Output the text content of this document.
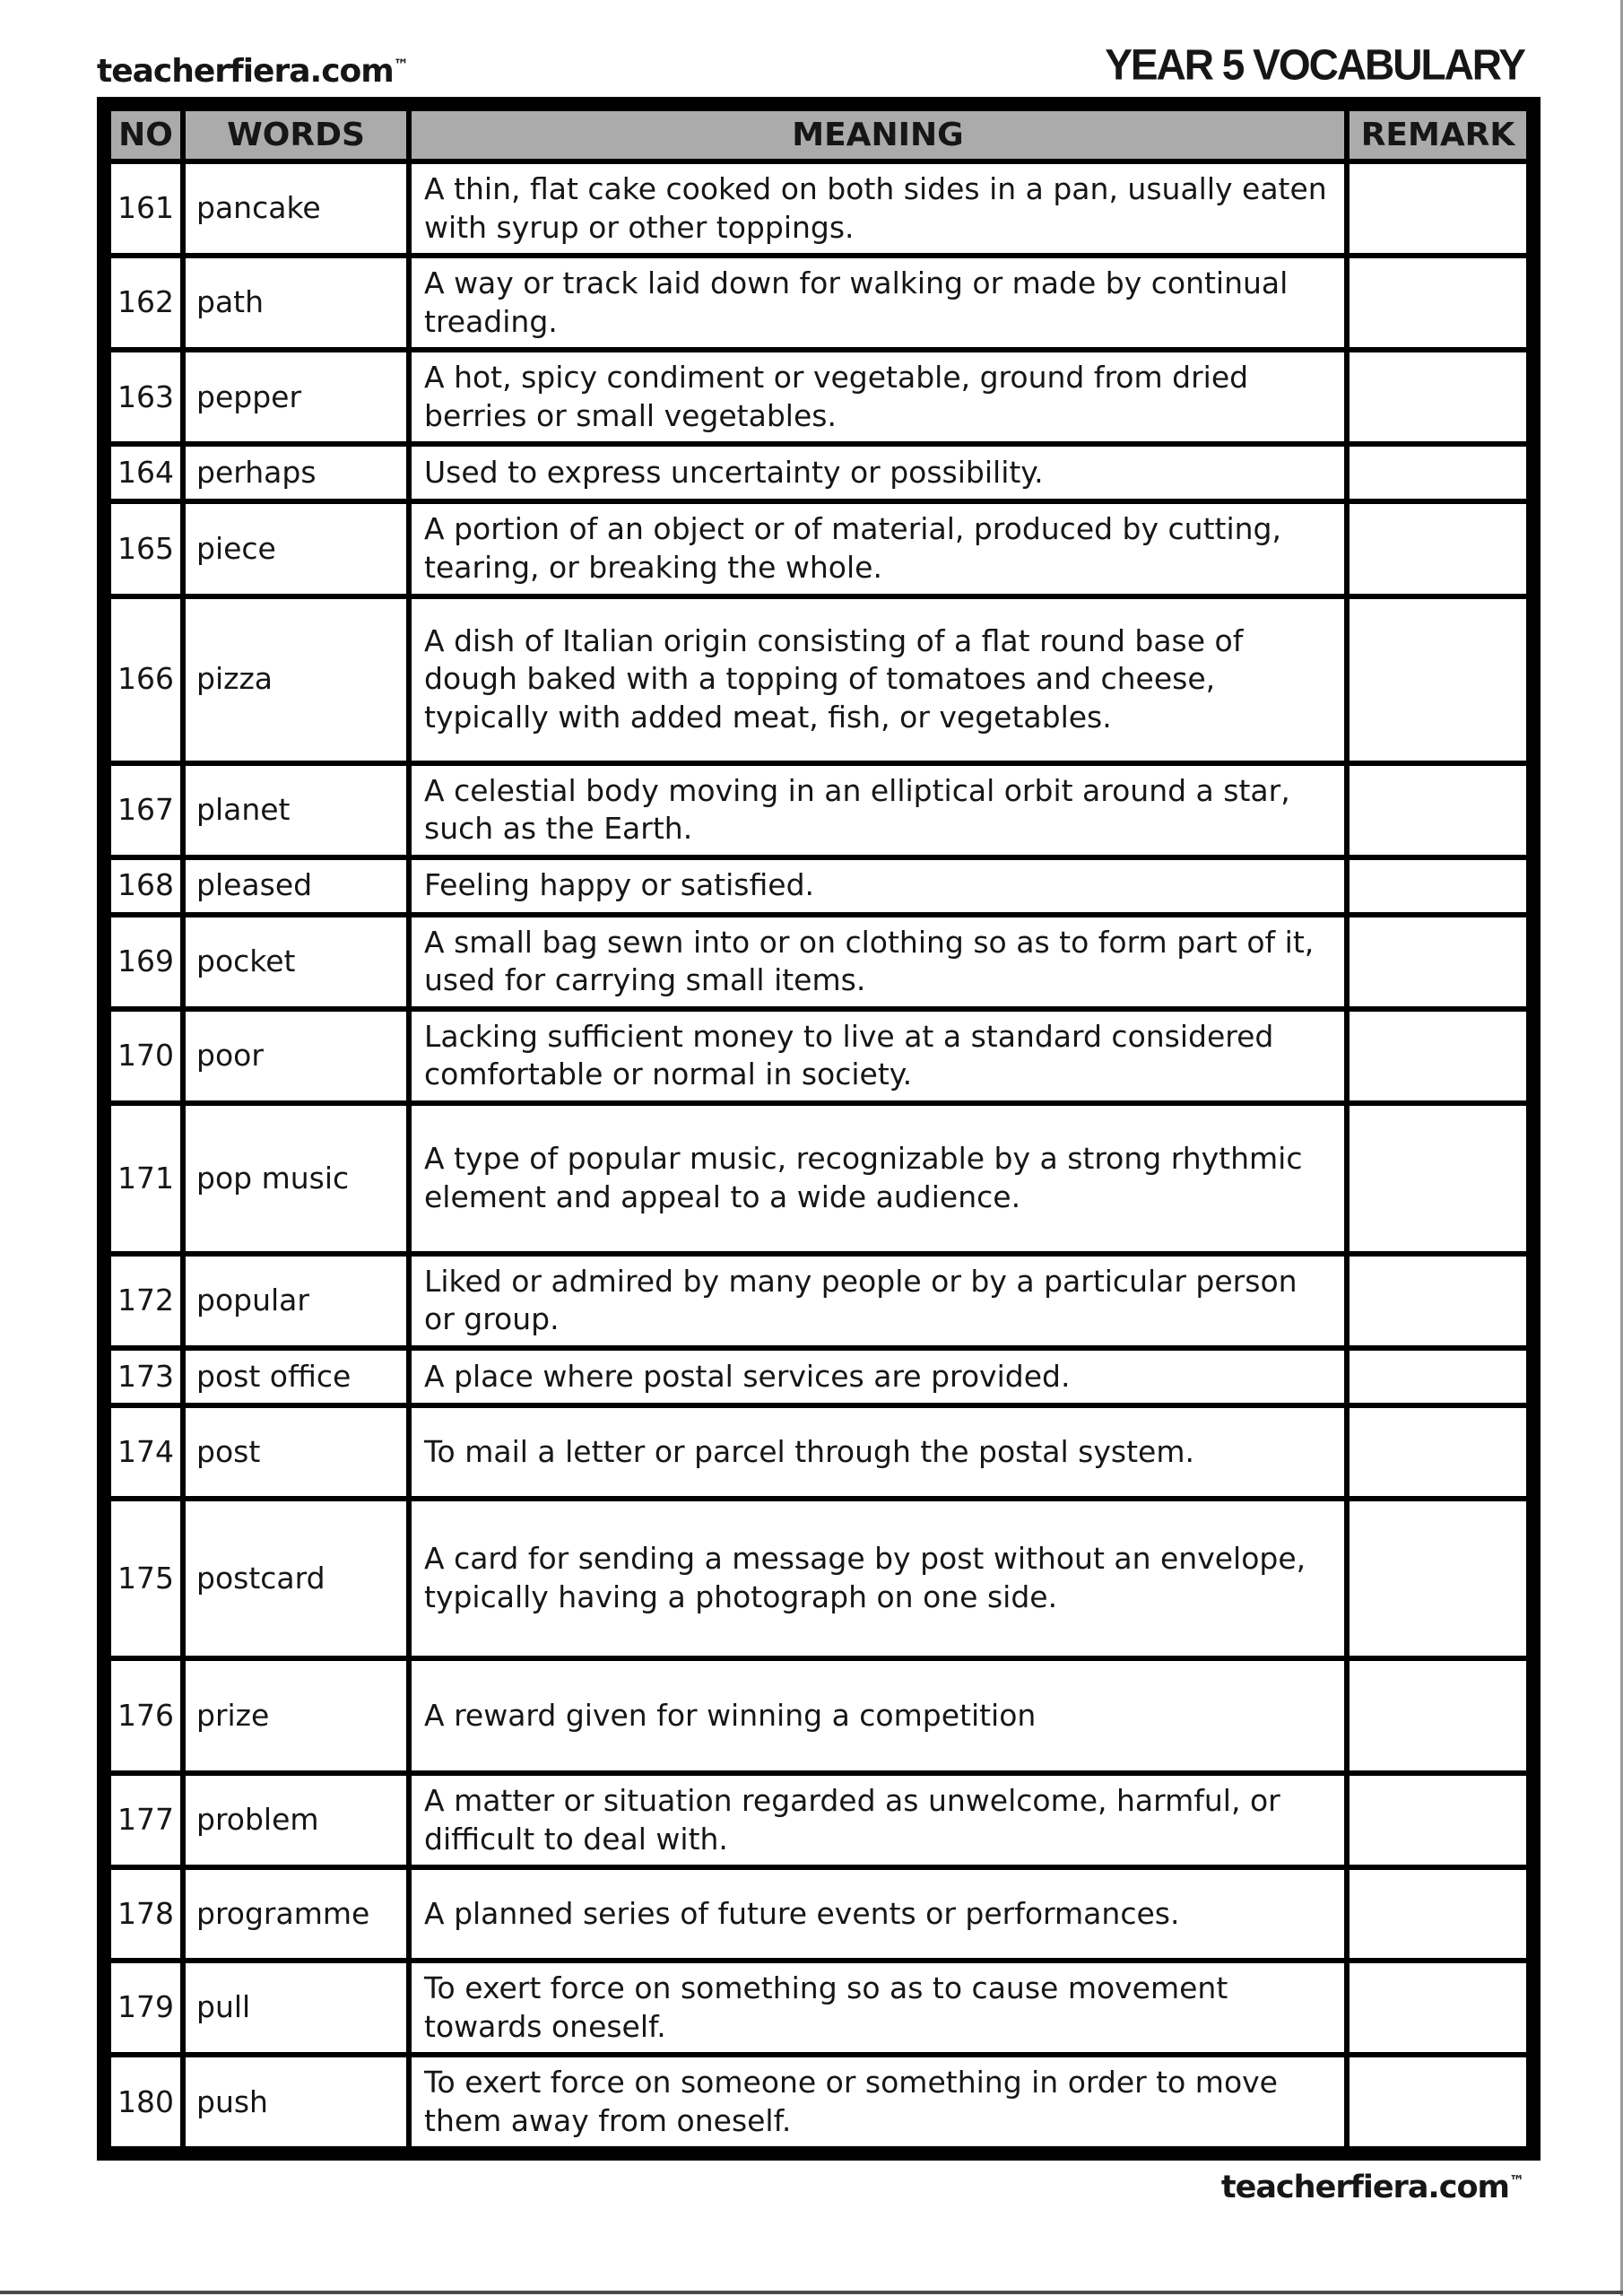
teacherfiera.com™	YEAR 5 VOCABULARY
NO	WORDS	MEANING	REMARK
161	pancake	A thin, flat cake cooked on both sides in a pan, usually eaten with syrup or other toppings.	
162	path	A way or track laid down for walking or made by continual treading.	
163	pepper	A hot, spicy condiment or vegetable, ground from dried berries or small vegetables.	
164	perhaps	Used to express uncertainty or possibility.	
165	piece	A portion of an object or of material, produced by cutting, tearing, or breaking the whole.	
166	pizza	A dish of Italian origin consisting of a flat round base of dough baked with a topping of tomatoes and cheese, typically with added meat, fish, or vegetables.	
167	planet	A celestial body moving in an elliptical orbit around a star, such as the Earth.	
168	pleased	Feeling happy or satisfied.	
169	pocket	A small bag sewn into or on clothing so as to form part of it, used for carrying small items.	
170	poor	Lacking sufficient money to live at a standard considered comfortable or normal in society.	
171	pop music	A type of popular music, recognizable by a strong rhythmic element and appeal to a wide audience.	
172	popular	Liked or admired by many people or by a particular person or group.	
173	post office	A place where postal services are provided.	
174	post	To mail a letter or parcel through the postal system.	
175	postcard	A card for sending a message by post without an envelope, typically having a photograph on one side.	
176	prize	A reward given for winning a competition	
177	problem	A matter or situation regarded as unwelcome, harmful, or difficult to deal with.	
178	programme	A planned series of future events or performances.	
179	pull	To exert force on something so as to cause movement towards oneself.	
180	push	To exert force on someone or something in order to move them away from oneself.	
teacherfiera.com™
